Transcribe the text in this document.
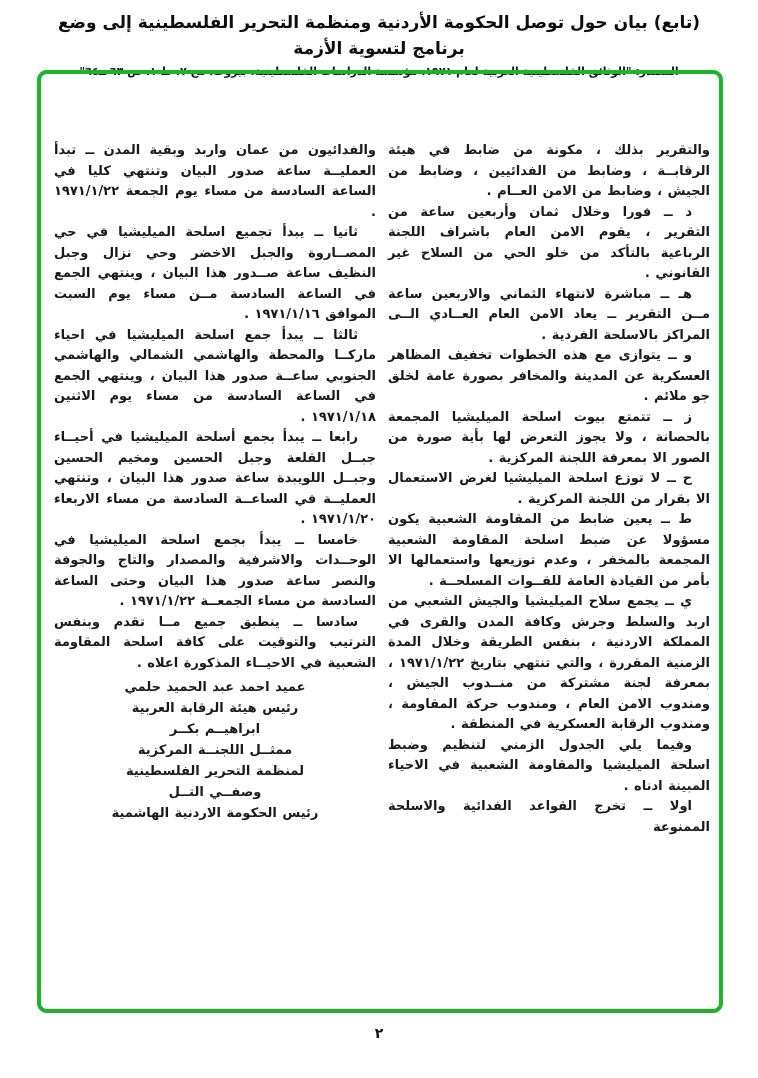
(تابع) بيان حول توصل الحكومة الأردنية ومنظمة التحرير الفلسطينية إلى وضع برنامج لتسوية الأزمة
المصدر: "الوثائق الفلسطينية العربية لعام ١٩٧١، مؤسسة الدراسات الفلسطينية، بيروت، مج ٧، ط ١، ص ٦٣ ــ٦٤"

والتقرير بذلك ، مكونة من ضابط في هيئة الرقابــة ، وضابط من الفدائيين ، وضابط من الجيش ، وضابط من الامن العــام .

د ــ فورا وخلال ثمان وأربعين ساعة من التقرير ، يقوم الامن العام باشراف اللجنة الرباعية بالتأكد من خلو الحي من السلاح غير القانوني .

هـ ــ مباشرة لانتهاء الثماني والاربعين ساعة مــن التقرير ــ يعاد الامن العام العــادي الــى المراكز بالاسلحة الفردية .

و ــ يتوازى مع هذه الخطوات تخفيف المظاهر العسكرية عن المدينة والمخافر بصورة عامة لخلق جو ملائم .

ز ــ تتمتع بيوت اسلحة الميليشيا المجمعة بالحصانة ، ولا يجوز التعرض لها بأية صورة من الصور الا بمعرفة اللجنة المركزية .

ح ــ لا توزع اسلحة الميليشيا لغرض الاستعمال الا بقرار من اللجنة المركزية .

ط ــ يعين ضابط من المقاومة الشعبية يكون مسؤولا عن ضبط اسلحة المقاومة الشعبية المجمعة بالمخفر ، وعدم توزيعها واستعمالها الا بأمر من القيادة العامة للقــوات المسلحــة .

ي ــ يجمع سلاح الميليشيا والجيش الشعبي من اربد والسلط وجرش وكافة المدن والقرى في المملكة الاردنية ، بنفس الطريقة وخلال المدة الزمنية المقررة ، والتي تنتهي بتاريخ ١٩٧١/١/٢٢ ، بمعرفة لجنة مشتركة من منــدوب الجيش ، ومندوب الامن العام ، ومندوب حركة المقاومة ، ومندوب الرقابة العسكرية في المنطقة .

وفيما يلي الجدول الزمني لتنظيم وضبط اسلحة الميليشيا والمقاومة الشعبية في الاحياء المبينة ادناه .

اولا ــ تخرج القواعد الفدائية والاسلحة الممنوعة

والفدائيون من عمان واربد وبقية المدن ــ تبدأ العمليــة ساعة صدور البيان وتنتهي كليا في الساعة السادسة من مساء يوم الجمعة ١٩٧١/١/٢٢ .

ثانيا ــ يبدأ تجميع اسلحة الميليشيا في حي المصــاروة والجبل الاخضر وحي نزال وجبل النظيف ساعة صــدور هذا البيان ، وينتهي الجمع في الساعة السادسة مــن مساء يوم السبت الموافق ١٩٧١/١/١٦ .

ثالثا ــ يبدأ جمع اسلحة الميليشيا في احياء ماركــا والمحطة والهاشمي الشمالي والهاشمي الجنوبي ساعــة صدور هذا البيان ، وينتهي الجمع في الساعة السادسة من مساء يوم الاثنين ١٩٧١/١/١٨ .

رابعا ــ يبدأ بجمع أسلحة الميليشيا في أحيــاء جبــل القلعة وجبل الحسين ومخيم الحسين وجبــل اللويبدة ساعة صدور هذا البيان ، وتنتهي العمليــة في الساعــة السادسة من مساء الاربعاء ١٩٧١/١/٢٠ .

خامسا ــ يبدأ بجمع اسلحة الميليشيا في الوحــدات والاشرفية والمصدار والتاج والجوفة والنصر ساعة صدور هذا البيان وحتى الساعة السادسة من مساء الجمعــة ١٩٧١/١/٢٢ .

سادسا ــ ينطبق جميع مــا تقدم وبنفس الترتيب والتوقيت على كافة اسلحة المقاومة الشعبية في الاحيــاء المذكورة اعلاه .

عميد احمد عبد الحميد حلمي

رئيس هيئة الرقابة العربية

ابراهيــم بكــر

ممثــل اللجنــة المركزية

لمنظمة التحرير الفلسطينية

وصفــي التــل

رئيس الحكومة الاردنية الهاشمية

٢
